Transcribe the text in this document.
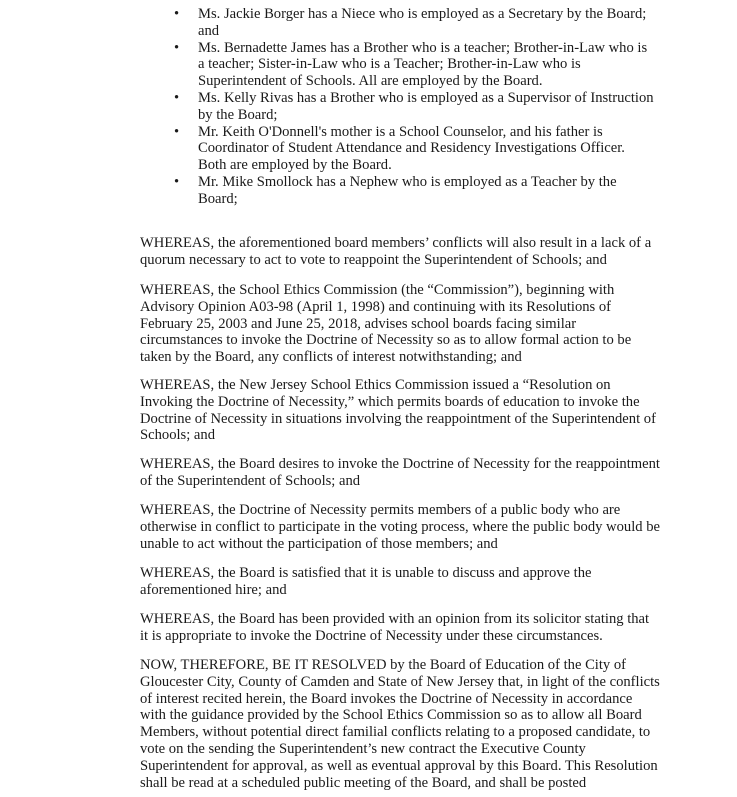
•	Ms. Jackie Borger has a Niece who is employed as a Secretary by the Board; and
•	Ms. Bernadette James has a Brother who is a teacher; Brother-in-Law who is a teacher; Sister-in-Law who is a Teacher; Brother-in-Law who is Superintendent of Schools. All are employed by the Board.
•	Ms. Kelly Rivas has a Brother who is employed as a Supervisor of Instruction by the Board;
•	Mr. Keith O'Donnell's mother is a School Counselor, and his father is Coordinator of Student Attendance and Residency Investigations Officer. Both are employed by the Board.
•	Mr. Mike Smollock has a Nephew who is employed as a Teacher by the Board;

WHEREAS, the aforementioned board members’ conflicts will also result in a lack of a quorum necessary to act to vote to reappoint the Superintendent of Schools; and

WHEREAS, the School Ethics Commission (the “Commission”), beginning with Advisory Opinion A03-98 (April 1, 1998) and continuing with its Resolutions of February 25, 2003 and June 25, 2018, advises school boards facing similar circumstances to invoke the Doctrine of Necessity so as to allow formal action to be taken by the Board, any conflicts of interest notwithstanding; and

WHEREAS, the New Jersey School Ethics Commission issued a “Resolution on Invoking the Doctrine of Necessity,” which permits boards of education to invoke the Doctrine of Necessity in situations involving the reappointment of the Superintendent of Schools; and

WHEREAS, the Board desires to invoke the Doctrine of Necessity for the reappointment of the Superintendent of Schools; and

WHEREAS, the Doctrine of Necessity permits members of a public body who are otherwise in conflict to participate in the voting process, where the public body would be unable to act without the participation of those members; and

WHEREAS, the Board is satisfied that it is unable to discuss and approve the aforementioned hire; and

WHEREAS, the Board has been provided with an opinion from its solicitor stating that it is appropriate to invoke the Doctrine of Necessity under these circumstances.

NOW, THEREFORE, BE IT RESOLVED by the Board of Education of the City of Gloucester City, County of Camden and State of New Jersey that, in light of the conflicts of interest recited herein, the Board invokes the Doctrine of Necessity in accordance with the guidance provided by the School Ethics Commission so as to allow all Board Members, without potential direct familial conflicts relating to a proposed candidate, to vote on the sending the Superintendent’s new contract the Executive County Superintendent for approval, as well as eventual approval by this Board. This Resolution shall be read at a scheduled public meeting of the Board, and shall be posted
